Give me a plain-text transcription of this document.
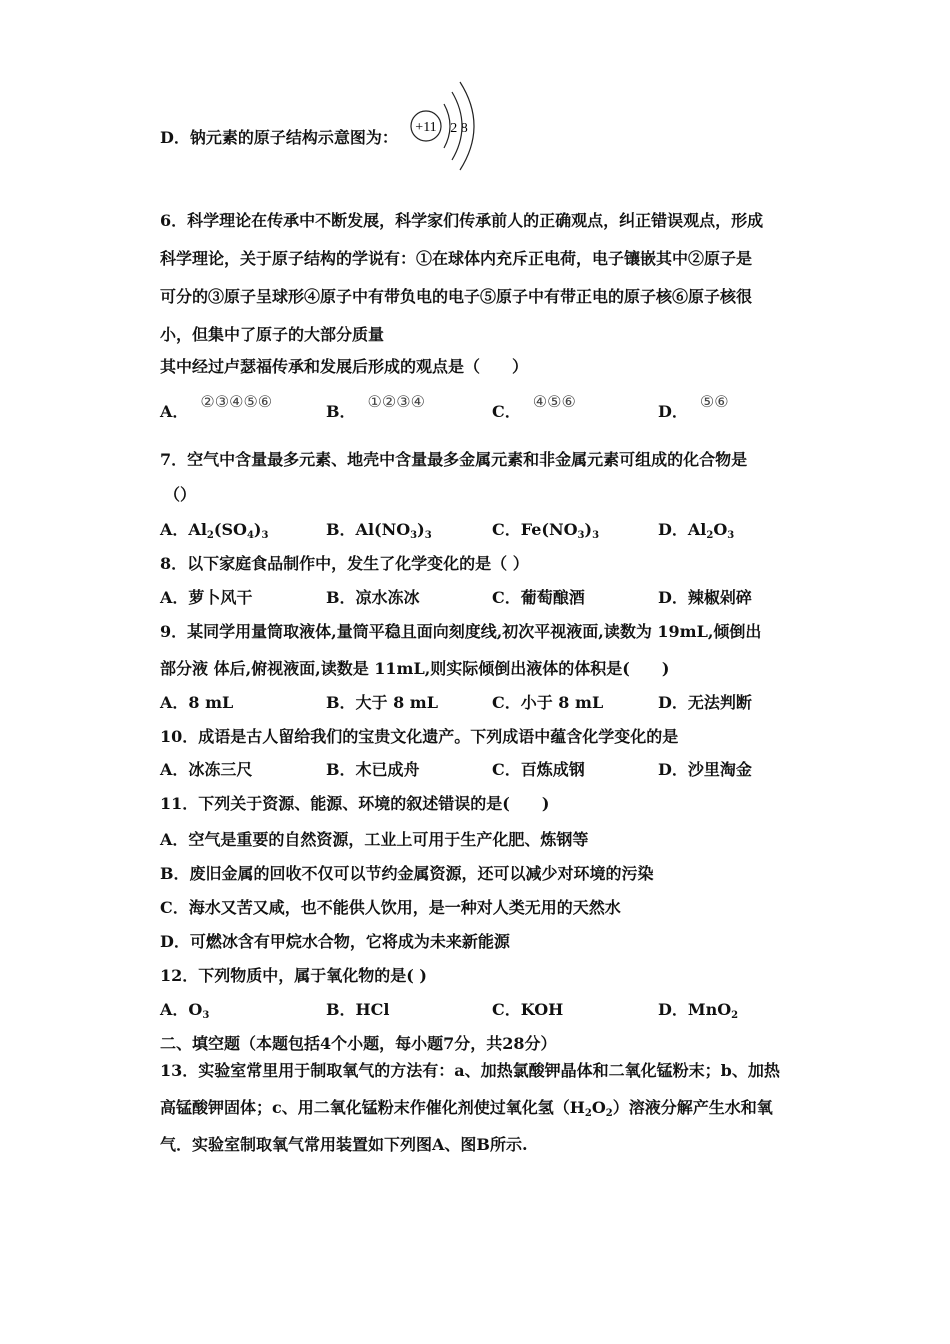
D．钠元素的原子结构示意图为：
+11 2 8
6．科学理论在传承中不断发展，科学家们传承前人的正确观点，纠正错误观点，形成
科学理论，关于原子结构的学说有：①在球体内充斥正电荷，电子镶嵌其中②原子是
可分的③原子呈球形④原子中有带负电的电子⑤原子中有带正电的原子核⑥原子核很
小，但集中了原子的大部分质量
其中经过卢瑟福传承和发展后形成的观点是（　　）
A．②③④⑤⑥
B．①②③④
C．④⑤⑥
D．⑤⑥
7．空气中含量最多元素、地壳中含量最多金属元素和非金属元素可组成的化合物是
（）
A．$Al_2(SO_4)_3$	B．$Al(NO_3)_3$	C．$Fe(NO_3)_3$	D．$Al_2O_3$
8．以下家庭食品制作中，发生了化学变化的是（ ）
A．萝卜风干	B．凉水冻冰	C．葡萄酿酒	D．辣椒剁碎
9．某同学用量筒取液体,量筒平稳且面向刻度线,初次平视液面,读数为 19mL,倾倒出
部分液 体后,俯视液面,读数是 11mL,则实际倾倒出液体的体积是(　　)
A．8 mL	B．大于 8 mL	C．小于 8 mL	D．无法判断
10．成语是古人留给我们的宝贵文化遗产。下列成语中蕴含化学变化的是
A．冰冻三尺	B．木已成舟	C．百炼成钢	D．沙里淘金
11．下列关于资源、能源、环境的叙述错误的是(　　)
A．空气是重要的自然资源，工业上可用于生产化肥、炼钢等
B．废旧金属的回收不仅可以节约金属资源，还可以减少对环境的污染
C．海水又苦又咸，也不能供人饮用，是一种对人类无用的天然水
D．可燃冰含有甲烷水合物，它将成为未来新能源
12．下列物质中，属于氧化物的是( )
A．$O_3$	B．HCl	C．KOH	D．MnO$_2$
二、填空题（本题包括4个小题，每小题7分，共28分）
13．实验室常里用于制取氧气的方法有：a、加热氯酸钾晶体和二氧化锰粉末；b、加热
高锰酸钾固体；c、用二氧化锰粉末作催化剂使过氧化氢$(H_2O_2)$溶液分解产生水和氧
气．实验室制取氧气常用装置如下列图A、图B所示.
